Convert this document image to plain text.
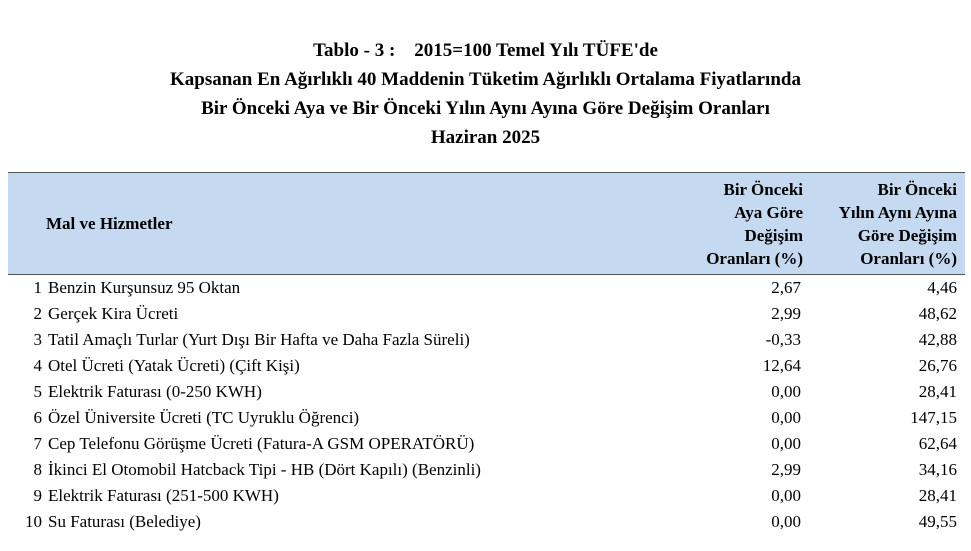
Tablo - 3 :    2015=100 Temel Yılı TÜFE'de
Kapsanan En Ağırlıklı 40 Maddenin Tüketim Ağırlıklı Ortalama Fiyatlarında
Bir Önceki Aya ve Bir Önceki Yılın Aynı Ayına Göre Değişim Oranları
Haziran 2025
Mal ve Hizmetler		Bir Önceki
Aya Göre
Değişim
Oranları (%)	Bir Önceki
Yılın Aynı Ayına
Göre Değişim
Oranları (%)

1	Benzin Kurşunsuz 95 Oktan	2,67	4,46
2	Gerçek Kira Ücreti	2,99	48,62
3	Tatil Amaçlı Turlar (Yurt Dışı Bir Hafta ve Daha Fazla Süreli)	-0,33	42,88
4	Otel Ücreti (Yatak Ücreti) (Çift Kişi)	12,64	26,76
5	Elektrik Faturası (0-250 KWH)	0,00	28,41
6	Özel Üniversite Ücreti (TC Uyruklu Öğrenci)	0,00	147,15
7	Cep Telefonu Görüşme Ücreti (Fatura-A GSM OPERATÖRÜ)	0,00	62,64
8	İkinci El Otomobil Hatcback Tipi - HB (Dört Kapılı) (Benzinli)	2,99	34,16
9	Elektrik Faturası (251-500 KWH)	0,00	28,41
10	Su Faturası (Belediye)	0,00	49,55
